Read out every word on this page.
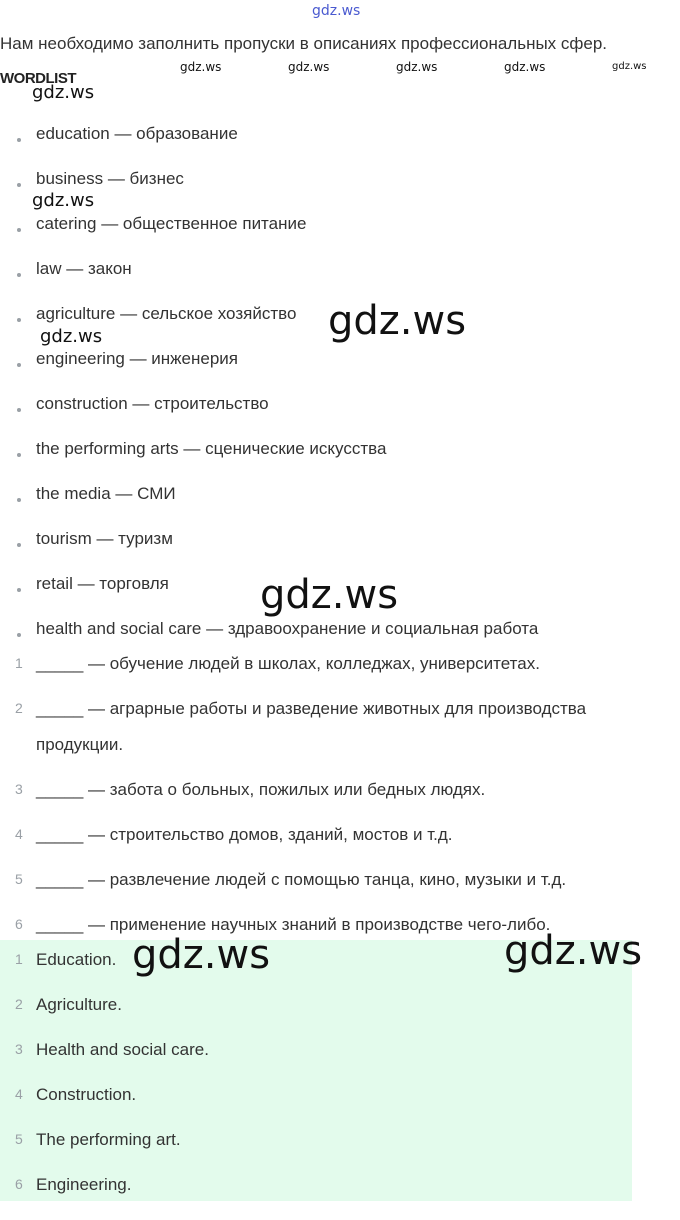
gdz.ws
Нам необходимо заполнить пропуски в описаниях профессиональных сфер.
WORDLIST
gdz.ws	gdz.ws	gdz.ws	gdz.ws	gdz.ws
education — образование
business — бизнес
catering — общественное питание
law — закон
agriculture — сельское хозяйство
engineering — инженерия
construction — строительство
the performing arts — сценические искусства
the media — СМИ
tourism — туризм
retail — торговля
health and social care — здравоохранение и социальная работа
1 _____ — обучение людей в школах, колледжах, университетах.
2 _____ — аграрные работы и разведение животных для производства
продукции.
3 _____ — забота о больных, пожилых или бедных людях.
4 _____ — строительство домов, зданий, мостов и т.д.
5 _____ — развлечение людей с помощью танца, кино, музыки и т.д.
6 _____ — применение научных знаний в производстве чего-либо.
1 Education.
2 Agriculture.
3 Health and social care.
4 Construction.
5 The performing art.
6 Engineering.
gdz.ws
gdz.ws
gdz.ws	gdz.ws
gdz.ws
gdz.ws	gdz.ws
